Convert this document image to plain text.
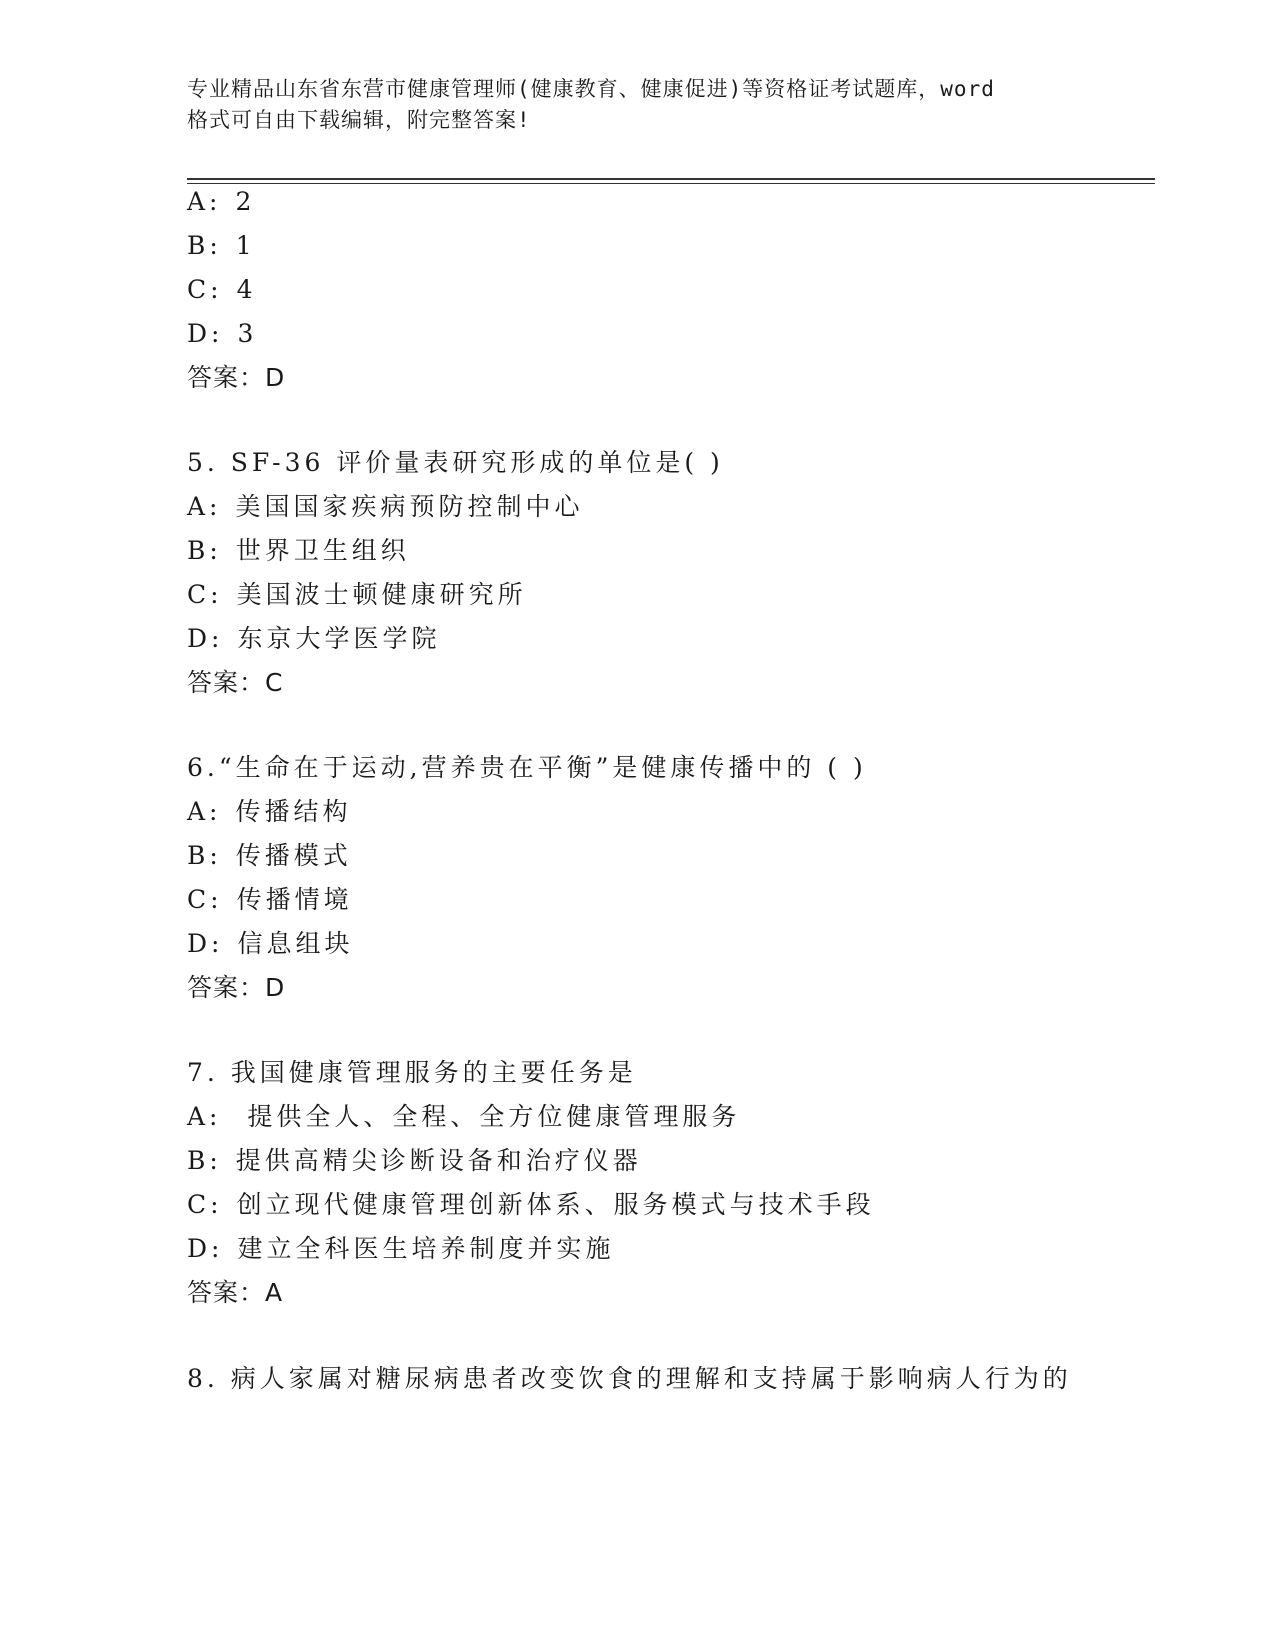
专业精品山东省东营市健康管理师(健康教育、健康促进)等资格证考试题库，word
格式可自由下载编辑，附完整答案!
A: 2
B: 1
C: 4
D: 3
答案：D
5. SF-36 评价量表研究形成的单位是( )
A: 美国国家疾病预防控制中心
B: 世界卫生组织
C: 美国波士顿健康研究所
D: 东京大学医学院
答案：C
6.“生命在于运动,营养贵在平衡”是健康传播中的 ( )
A: 传播结构
B: 传播模式
C: 传播情境
D: 信息组块
答案：D
7. 我国健康管理服务的主要任务是
A: 提供全人、全程、全方位健康管理服务
B: 提供高精尖诊断设备和治疗仪器
C: 创立现代健康管理创新体系、服务模式与技术手段
D: 建立全科医生培养制度并实施
答案：A
8. 病人家属对糖尿病患者改变饮食的理解和支持属于影响病人行为的
